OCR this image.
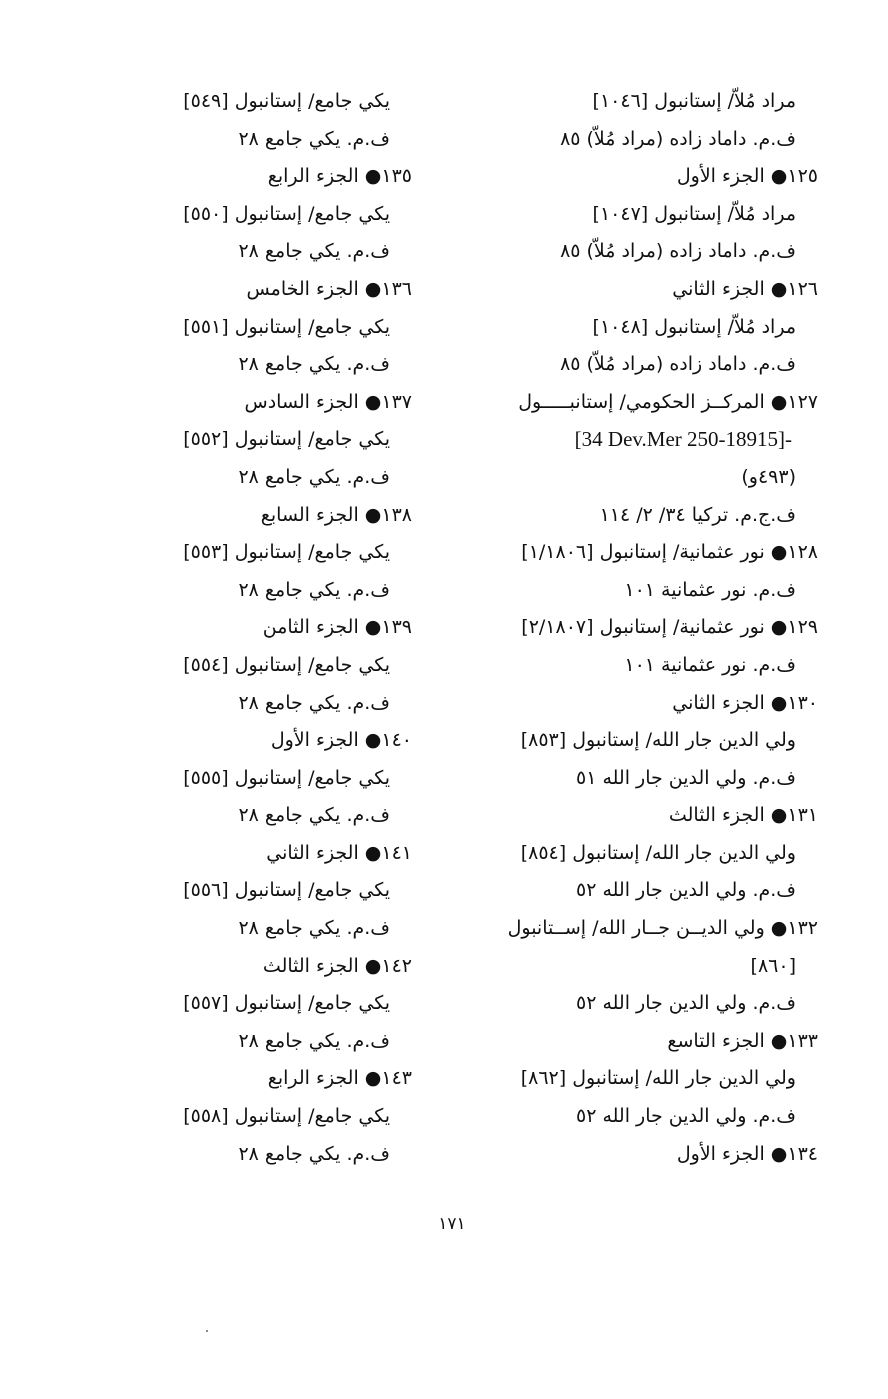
مراد مُلاّ/ إستانبول [١٠٤٦]
ف.م. داماد زاده (مراد مُلاّ) ٨٥
١٢٥● الجزء الأول
مراد مُلاّ/ إستانبول [١٠٤٧]
ف.م. داماد زاده (مراد مُلاّ) ٨٥
١٢٦● الجزء الثاني
مراد مُلاّ/ إستانبول [١٠٤٨]
ف.م. داماد زاده (مراد مُلاّ) ٨٥
١٢٧● المركــز الحكومي/ إستانبـــــول
[34 Dev.Mer 250-18915]-
(٤٩٣و)
ف.ج.م. تركيا ٣٤/ ٢/ ١١٤
١٢٨● نور عثمانية/ إستانبول [١/١٨٠٦]
ف.م. نور عثمانية ١٠١
١٢٩● نور عثمانية/ إستانبول [٢/١٨٠٧]
ف.م. نور عثمانية ١٠١
١٣٠● الجزء الثاني
ولي الدين جار الله/ إستانبول [٨٥٣]
ف.م. ولي الدين جار الله ٥١
١٣١● الجزء الثالث
ولي الدين جار الله/ إستانبول [٨٥٤]
ف.م. ولي الدين جار الله ٥٢
١٣٢● ولي الديــن جــار الله/ إســتانبول
[٨٦٠]
ف.م. ولي الدين جار الله ٥٢
١٣٣● الجزء التاسع
ولي الدين جار الله/ إستانبول [٨٦٢]
ف.م. ولي الدين جار الله ٥٢
١٣٤● الجزء الأول
يكي جامع/ إستانبول [٥٤٩]
ف.م. يكي جامع ٢٨
١٣٥● الجزء الرابع
يكي جامع/ إستانبول [٥٥٠]
ف.م. يكي جامع ٢٨
١٣٦● الجزء الخامس
يكي جامع/ إستانبول [٥٥١]
ف.م. يكي جامع ٢٨
١٣٧● الجزء السادس
يكي جامع/ إستانبول [٥٥٢]
ف.م. يكي جامع ٢٨
١٣٨● الجزء السابع
يكي جامع/ إستانبول [٥٥٣]
ف.م. يكي جامع ٢٨
١٣٩● الجزء الثامن
يكي جامع/ إستانبول [٥٥٤]
ف.م. يكي جامع ٢٨
١٤٠● الجزء الأول
يكي جامع/ إستانبول [٥٥٥]
ف.م. يكي جامع ٢٨
١٤١● الجزء الثاني
يكي جامع/ إستانبول [٥٥٦]
ف.م. يكي جامع ٢٨
١٤٢● الجزء الثالث
يكي جامع/ إستانبول [٥٥٧]
ف.م. يكي جامع ٢٨
١٤٣● الجزء الرابع
يكي جامع/ إستانبول [٥٥٨]
ف.م. يكي جامع ٢٨
١٧١
